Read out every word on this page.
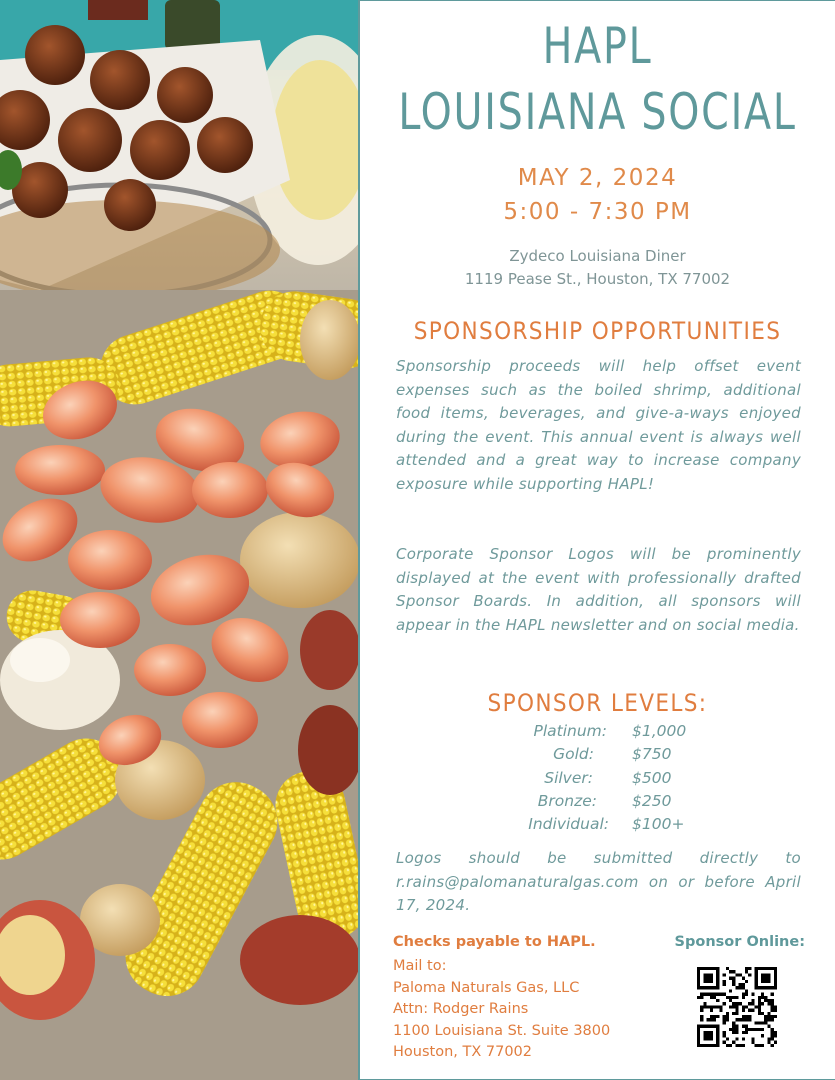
HAPL
LOUISIANA SOCIAL
MAY 2, 2024
5:00 - 7:30 PM
Zydeco Louisiana Diner
1119 Pease St., Houston, TX 77002
SPONSORSHIP OPPORTUNITIES
Sponsorship proceeds will help offset event expenses such as the boiled shrimp, additional food items, beverages, and give-a-ways enjoyed during the event. This annual event is always well attended and a great way to increase company exposure while supporting HAPL!
Corporate Sponsor Logos will be prominently displayed at the event with professionally drafted Sponsor Boards. In addition, all sponsors will appear in the HAPL newsletter and on social media.
SPONSOR LEVELS:
Platinum: $1,000
Gold: $750
Silver:	$500
Bronze: $250
Individual: $100+
Logos should be submitted directly to r.rains@palomanaturalgas.com on or before April 17, 2024.
Checks payable to HAPL.
Mail to:
Paloma Naturals Gas, LLC
Attn: Rodger Rains
1100 Louisiana St. Suite 3800
Houston, TX 77002
Sponsor Online:
